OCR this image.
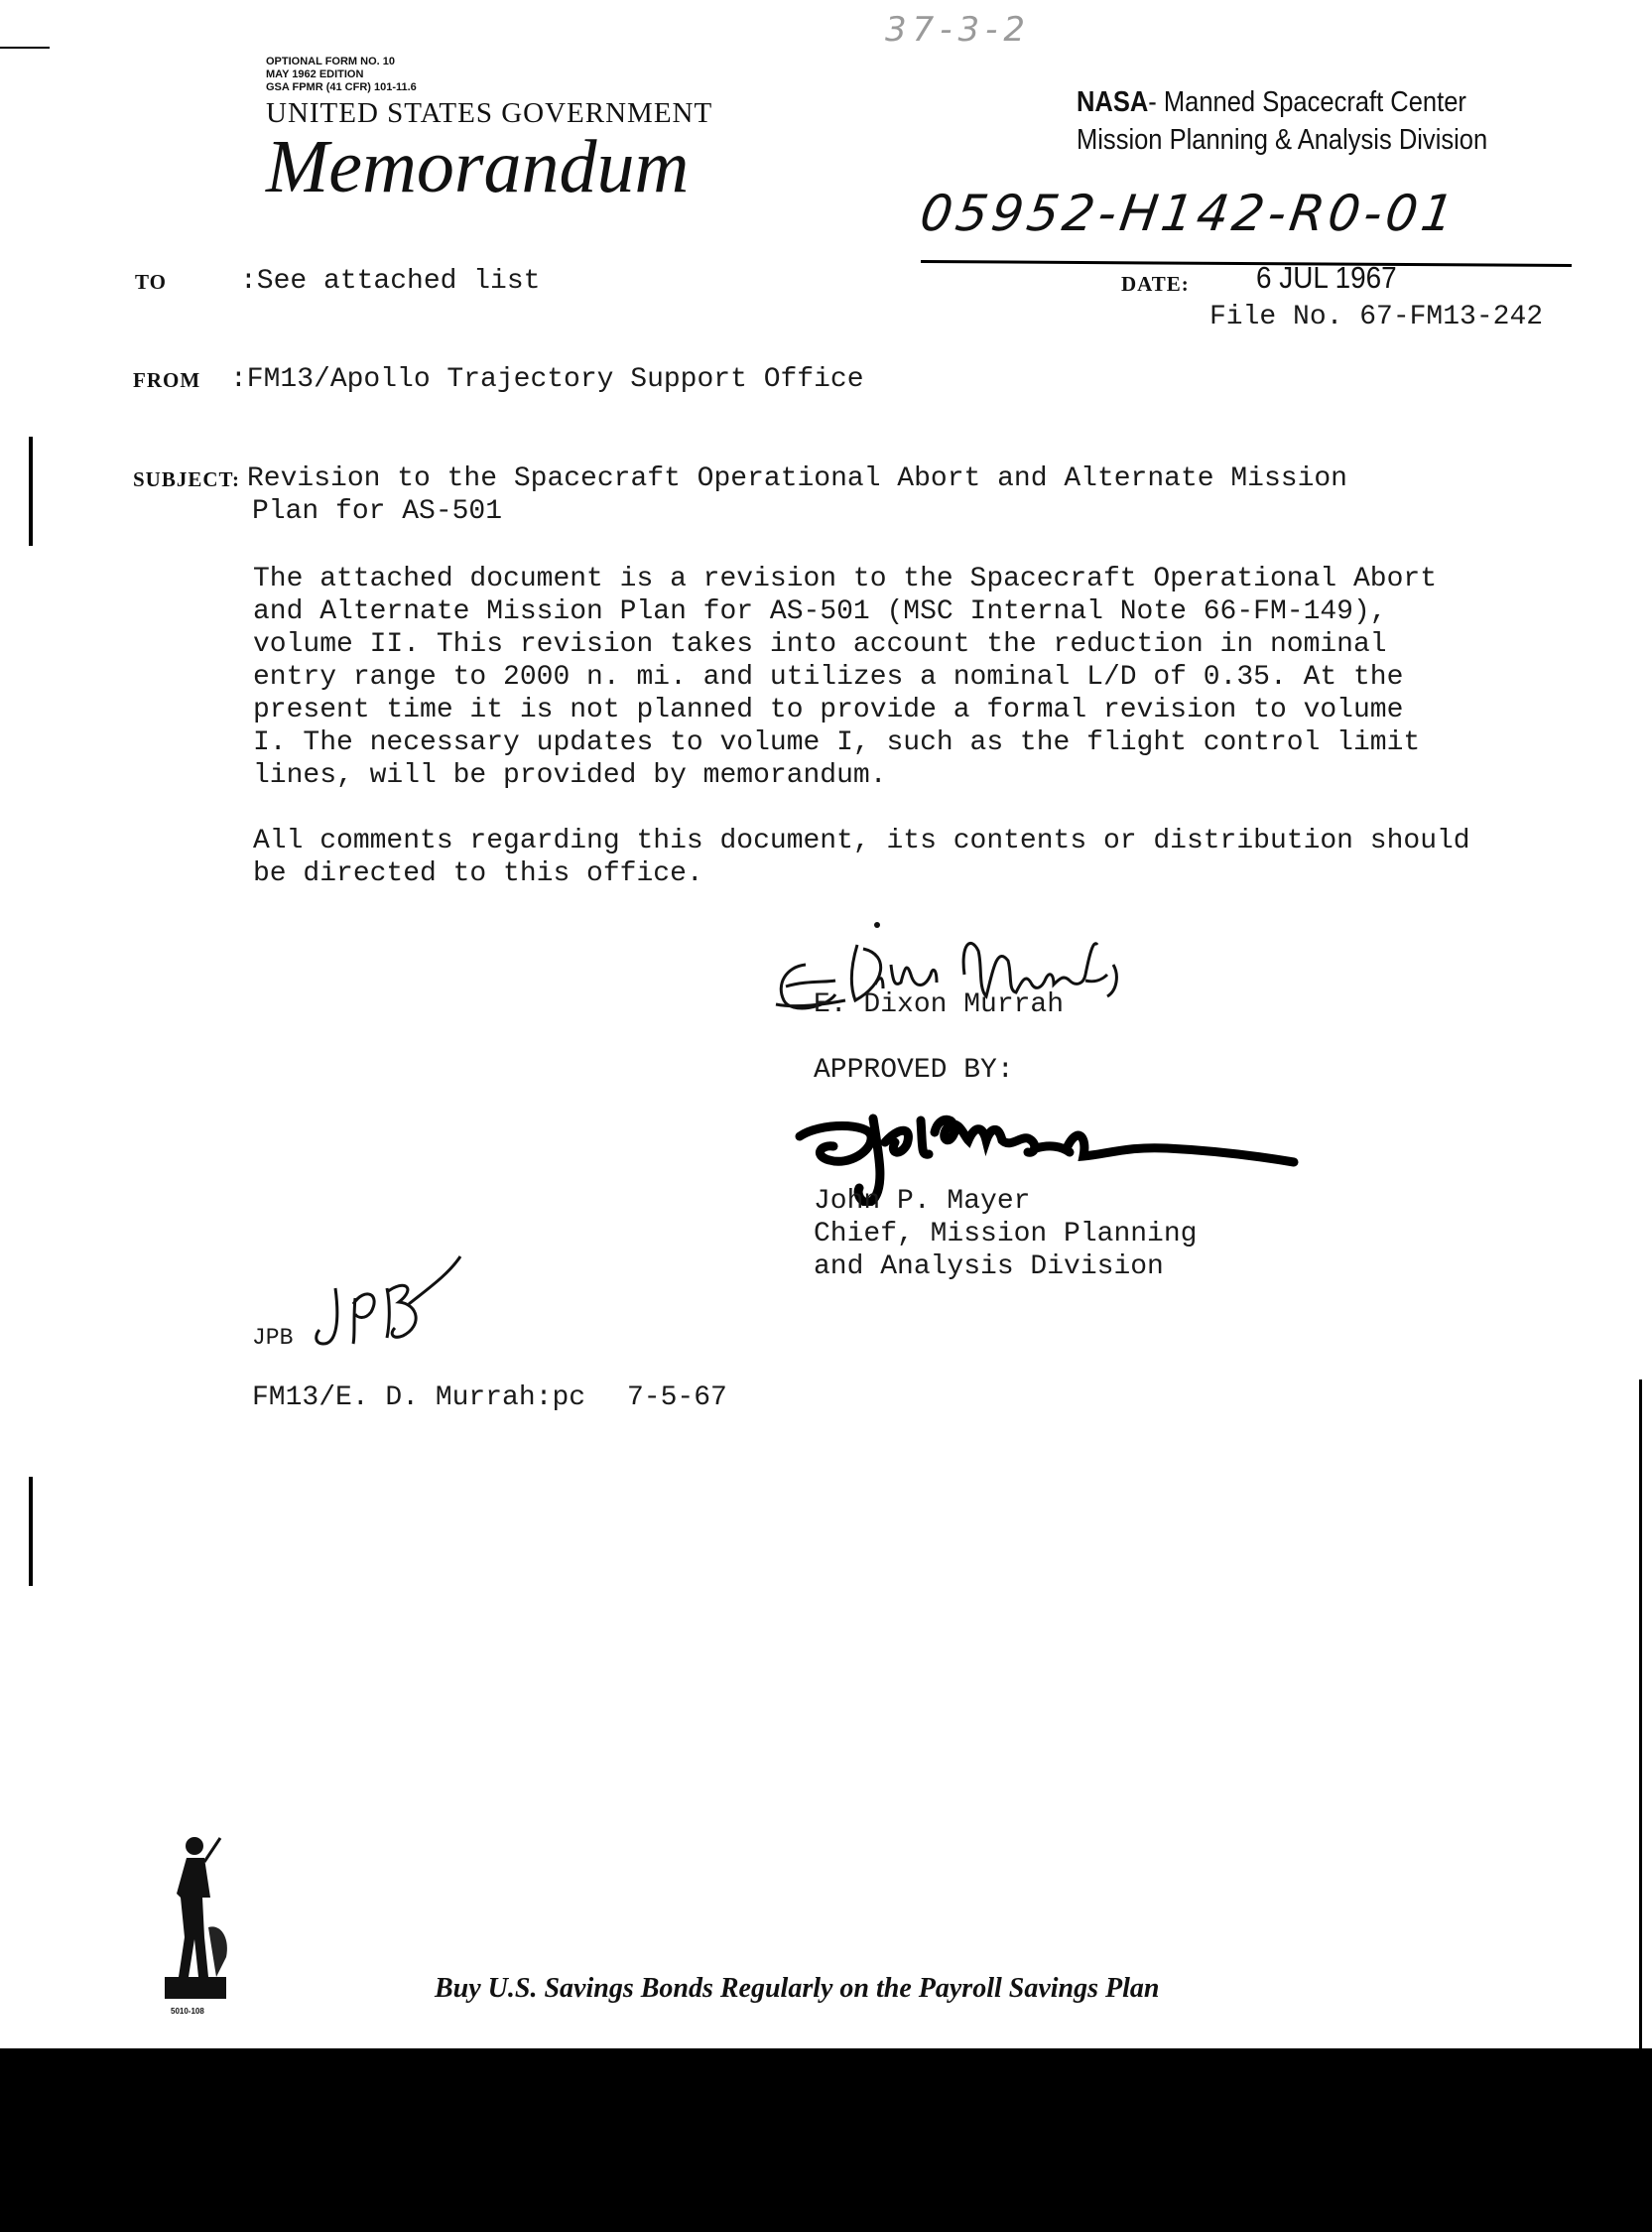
OPTIONAL FORM NO. 10
MAY 1962 EDITION
GSA FPMR (41 CFR) 101-11.6
UNITED STATES GOVERNMENT
Memorandum
37-3-2
NASA- Manned Spacecraft Center
Mission Planning & Analysis Division
05952-H142-R0-01
TO	:See attached list	DATE: 6 JUL 1967
File No. 67-FM13-242
FROM :FM13/Apollo Trajectory Support Office
SUBJECT: Revision to the Spacecraft Operational Abort and Alternate Mission
Plan for AS-501
The attached document is a revision to the Spacecraft Operational Abort
and Alternate Mission Plan for AS-501 (MSC Internal Note 66-FM-149),
volume II. This revision takes into account the reduction in nominal
entry range to 2000 n. mi. and utilizes a nominal L/D of 0.35. At the
present time it is not planned to provide a formal revision to volume
I. The necessary updates to volume I, such as the flight control limit
lines, will be provided by memorandum.
All comments regarding this document, its contents or distribution should
be directed to this office.
E. Dixon Murrah
APPROVED BY:
John P. Mayer
Chief, Mission Planning
and Analysis Division
JPB
FM13/E. D. Murrah:pc 7-5-67
5010-108
Buy U.S. Savings Bonds Regularly on the Payroll Savings Plan
